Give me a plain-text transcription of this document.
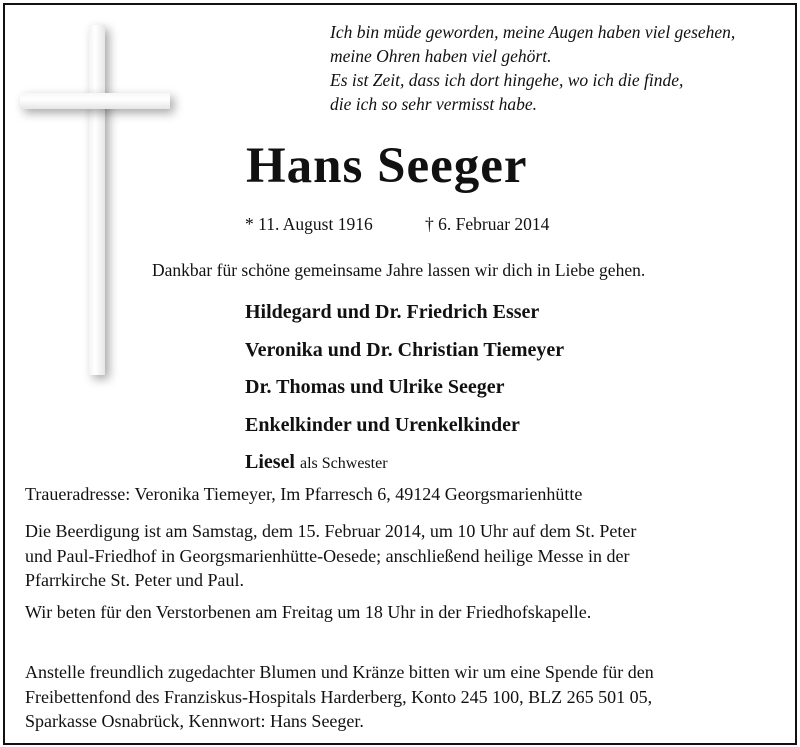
Ich bin müde geworden, meine Augen haben viel gesehen,
meine Ohren haben viel gehört.
Es ist Zeit, dass ich dort hingehe, wo ich die finde,
die ich so sehr vermisst habe.
Hans Seeger
* 11. August 1916	† 6. Februar 2014
Dankbar für schöne gemeinsame Jahre lassen wir dich in Liebe gehen.
Hildegard und Dr. Friedrich Esser
Veronika und Dr. Christian Tiemeyer
Dr. Thomas und Ulrike Seeger
Enkelkinder und Urenkelkinder
Liesel als Schwester
Traueradresse: Veronika Tiemeyer, Im Pfarresch 6, 49124 Georgsmarienhütte
Die Beerdigung ist am Samstag, dem 15. Februar 2014, um 10 Uhr auf dem St. Peter
und Paul-Friedhof in Georgsmarienhütte-Oesede; anschließend heilige Messe in der
Pfarrkirche St. Peter und Paul.
Wir beten für den Verstorbenen am Freitag um 18 Uhr in der Friedhofskapelle.
Anstelle freundlich zugedachter Blumen und Kränze bitten wir um eine Spende für den
Freibettenfond des Franziskus-Hospitals Harderberg, Konto 245 100, BLZ 265 501 05,
Sparkasse Osnabrück, Kennwort: Hans Seeger.
